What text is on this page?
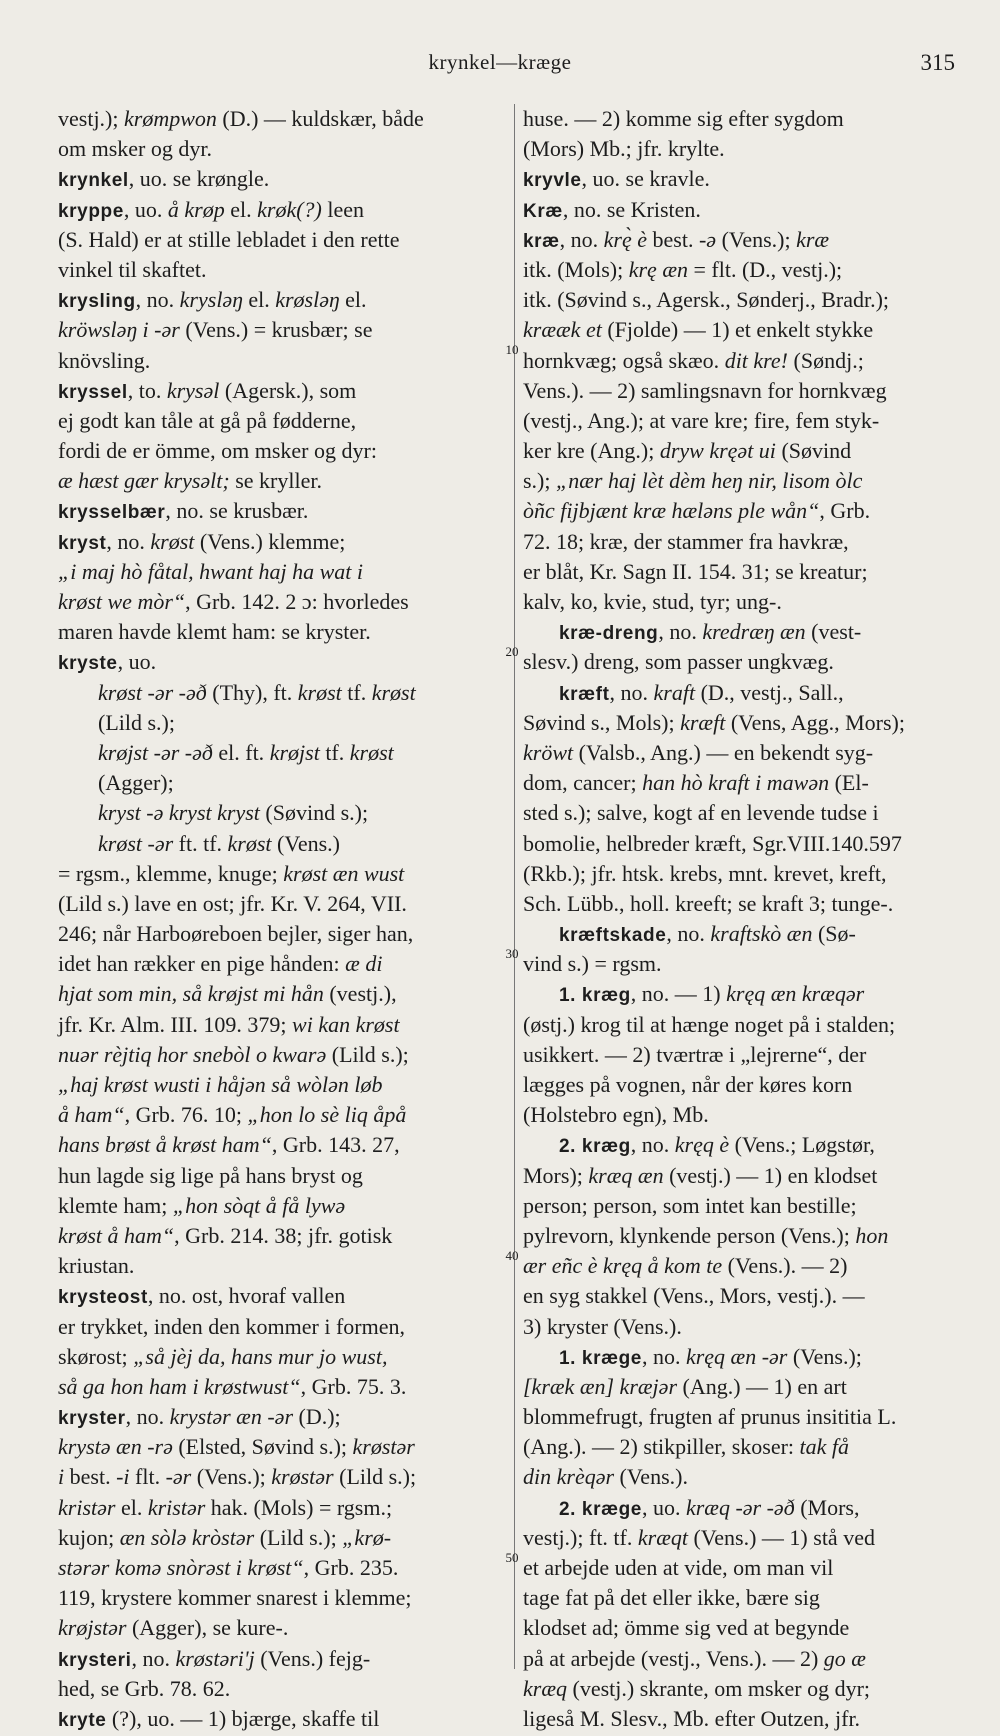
krynkel—kræge	315
vestj.); krømpwon (D.) — kuldskær, både
om msker og dyr.
krynkel, uo. se krøngle.
kryppe, uo. å krøp el. krøk(?) leen
(S. Hald) er at stille lebladet i den rette
vinkel til skaftet.
krysling, no. kryslǝŋ el. krøslǝŋ el.
kröwslǝŋ i -ǝr (Vens.) = krusbær; se
knövsling.
kryssel, to. krysǝl (Agersk.), som
ej godt kan tåle at gå på fødderne,
fordi de er ömme, om msker og dyr:
æ hæst gær krysǝlt; se kryller.
krysselbær, no. se krusbær.
kryst, no. krøst (Vens.) klemme;
„i maj hò fåtal, hwant haj ha wat i
krøst we mòr“, Grb. 142. 2 ɔ: hvorledes
maren havde klemt ham: se kryster.
kryste, uo.
krøst -ǝr -ǝð (Thy), ft. krøst tf. krøst
(Lild s.);
krøjst -ǝr -ǝð el. ft. krøjst tf. krøst
(Agger);
kryst -ǝ kryst kryst (Søvind s.);
krøst -ǝr ft. tf. krøst (Vens.)
= rgsm., klemme, knuge; krøst æn wust
(Lild s.) lave en ost; jfr. Kr. V. 264, VII.
246; når Harboøreboen bejler, siger han,
idet han rækker en pige hånden: æ di
hjat som min, så krøjst mi hån (vestj.),
jfr. Kr. Alm. III. 109. 379; wi kan krøst
nuǝr rèjtiq hor snebòl o kwarǝ (Lild s.);
„haj krøst wusti i håjǝn så wòlǝn løb
å ham“, Grb. 76. 10; „hon lo sè liq åpå
hans brøst å krøst ham“, Grb. 143. 27,
hun lagde sig lige på hans bryst og
klemte ham; „hon sòqt å få lywǝ
krøst å ham“, Grb. 214. 38; jfr. gotisk
kriustan.
krysteost, no. ost, hvoraf vallen
er trykket, inden den kommer i formen,
skørost; „så jèj da, hans mur jo wust,
så ga hon ham i krøstwust“, Grb. 75. 3.
kryster, no. krystǝr æn -ǝr (D.);
krystǝ æn -rǝ (Elsted, Søvind s.); krøstǝr
i best. -i flt. -ǝr (Vens.); krøstǝr (Lild s.);
kristǝr el. kristǝr hak. (Mols) = rgsm.;
kujon; æn sòlǝ kròstǝr (Lild s.); „krø-
stǝrǝr komǝ snòrǝst i krøst“, Grb. 235.
119, krystere kommer snarest i klemme;
krøjstǝr (Agger), se kure-.
krysteri, no. krøstǝri'j (Vens.) fejg-
hed, se Grb. 78. 62.
kryte (?), uo. — 1) bjærge, skaffe til
huse. — 2) komme sig efter sygdom
(Mors) Mb.; jfr. krylte.
kryvle, uo. se kravle.
Kræ, no. se Kristen.
kræ, no. krę̀ è best. -ǝ (Vens.); kræ
itk. (Mols); krę æn = flt. (D., vestj.);
itk. (Søvind s., Agersk., Sønderj., Bradr.);
krææk et (Fjolde) — 1) et enkelt stykke
hornkvæg; også skæo. dit kre! (Søndj.;
Vens.). — 2) samlingsnavn for hornkvæg
(vestj., Ang.); at vare kre; fire, fem styk-
ker kre (Ang.); dryw kręǝt ui (Søvind
s.); „nær haj lèt dèm heŋ nir, lisom òlc
òñc fijbjænt kræ hælǝns ple wån“, Grb.
72. 18; kræ, der stammer fra havkræ,
er blåt, Kr. Sagn II. 154. 31; se kreatur;
kalv, ko, kvie, stud, tyr; ung-.
kræ-dreng, no. kredræŋ æn (vest-
slesv.) dreng, som passer ungkvæg.
kræft, no. kraft (D., vestj., Sall.,
Søvind s., Mols); kræft (Vens, Agg., Mors);
kröwt (Valsb., Ang.) — en bekendt syg-
dom, cancer; han hò kraft i mawǝn (El-
sted s.); salve, kogt af en levende tudse i
bomolie, helbreder kræft, Sgr.VIII.140.597
(Rkb.); jfr. htsk. krebs, mnt. krevet, kreft,
Sch. Lübb., holl. kreeft; se kraft 3; tunge-.
kræftskade, no. kraftskò æn (Sø-
vind s.) = rgsm.
1. kræg, no. — 1) kręq æn kræqǝr
(østj.) krog til at hænge noget på i stalden;
usikkert. — 2) tværtræ i „lejrerne“, der
lægges på vognen, når der køres korn
(Holstebro egn), Mb.
2. kræg, no. kręq è (Vens.; Løgstør,
Mors); kræq æn (vestj.) — 1) en klodset
person; person, som intet kan bestille;
pylrevorn, klynkende person (Vens.); hon
ær eñc è kręq å kom te (Vens.). — 2)
en syg stakkel (Vens., Mors, vestj.). —
3) kryster (Vens.).
1. kræge, no. kręq æn -ǝr (Vens.);
[kræk æn] kræjǝr (Ang.) — 1) en art
blommefrugt, frugten af prunus insititia L.
(Ang.). — 2) stikpiller, skoser: tak få
din krèqǝr (Vens.).
2. kræge, uo. kræq -ǝr -ǝð (Mors,
vestj.); ft. tf. kræqt (Vens.) — 1) stå ved
et arbejde uden at vide, om man vil
tage fat på det eller ikke, bære sig
klodset ad; ömme sig ved at begynde
på at arbejde (vestj., Vens.). — 2) go æ
kræq (vestj.) skrante, om msker og dyr;
ligeså M. Slesv., Mb. efter Outzen, jfr.
10
20
30
40
50
